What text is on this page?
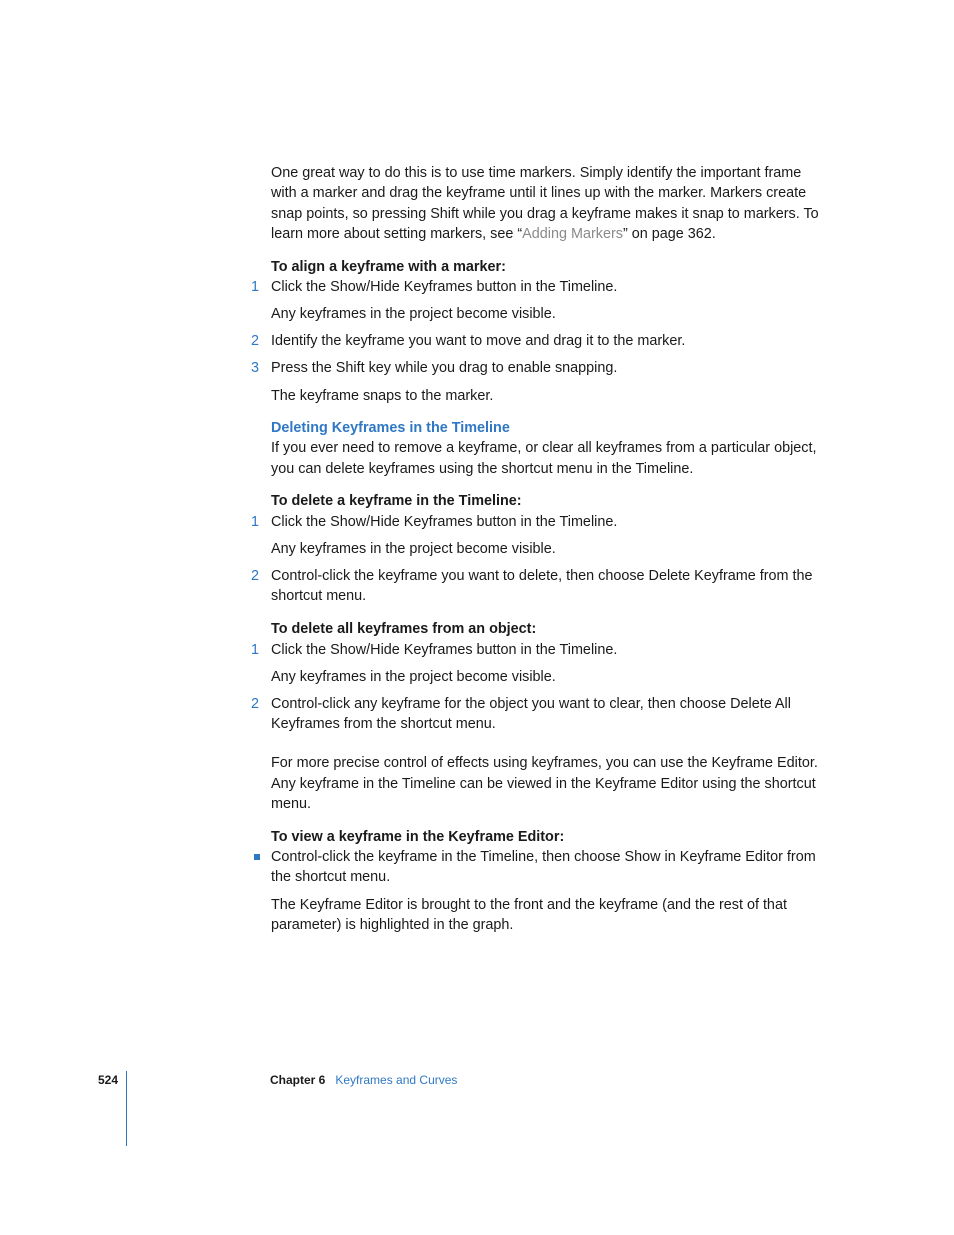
One great way to do this is to use time markers. Simply identify the important frame with a marker and drag the keyframe until it lines up with the marker. Markers create snap points, so pressing Shift while you drag a keyframe makes it snap to markers. To learn more about setting markers, see “Adding Markers” on page 362.

To align a keyframe with a marker:

1 Click the Show/Hide Keyframes button in the Timeline.

Any keyframes in the project become visible.

2 Identify the keyframe you want to move and drag it to the marker.

3 Press the Shift key while you drag to enable snapping.

The keyframe snaps to the marker.

Deleting Keyframes in the Timeline

If you ever need to remove a keyframe, or clear all keyframes from a particular object, you can delete keyframes using the shortcut menu in the Timeline.

To delete a keyframe in the Timeline:

1 Click the Show/Hide Keyframes button in the Timeline.

Any keyframes in the project become visible.

2 Control-click the keyframe you want to delete, then choose Delete Keyframe from the shortcut menu.

To delete all keyframes from an object:

1 Click the Show/Hide Keyframes button in the Timeline.

Any keyframes in the project become visible.

2 Control-click any keyframe for the object you want to clear, then choose Delete All Keyframes from the shortcut menu.

For more precise control of effects using keyframes, you can use the Keyframe Editor. Any keyframe in the Timeline can be viewed in the Keyframe Editor using the shortcut menu.

To view a keyframe in the Keyframe Editor:

Control-click the keyframe in the Timeline, then choose Show in Keyframe Editor from the shortcut menu.

The Keyframe Editor is brought to the front and the keyframe (and the rest of that parameter) is highlighted in the graph.

524	Chapter 6 Keyframes and Curves
